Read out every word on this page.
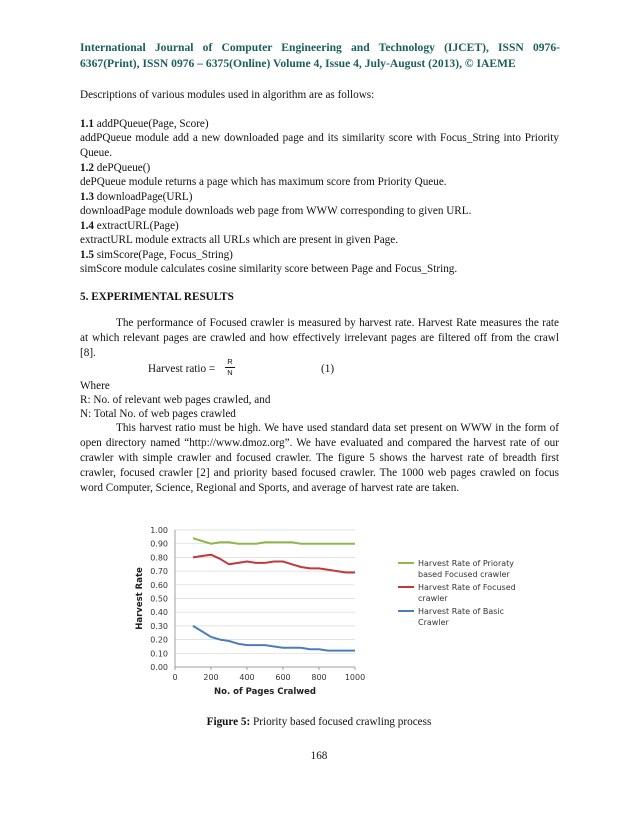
International Journal of Computer Engineering and Technology (IJCET), ISSN 0976-6367(Print), ISSN 0976 – 6375(Online) Volume 4, Issue 4, July-August (2013), © IAEME
Descriptions of various modules used in algorithm are as follows:
1.1 addPQueue(Page, Score)
addPQueue module add a new downloaded page and its similarity score with Focus_String into Priority Queue.
1.2 dePQueue()
dePQueue module returns a page which has maximum score from Priority Queue.
1.3 downloadPage(URL)
downloadPage module downloads web page from WWW corresponding to given URL.
1.4 extractURL(Page)
extractURL module extracts all URLs which are present in given Page.
1.5 simScore(Page, Focus_String)
simScore module calculates cosine similarity score between Page and Focus_String.
5. EXPERIMENTAL RESULTS
The performance of Focused crawler is measured by harvest rate. Harvest Rate measures the rate at which relevant pages are crawled and how effectively irrelevant pages are filtered off from the crawl [8].
Harvest ratio =
R
N	(1)
Where
R: No. of relevant web pages crawled, and
N: Total No. of web pages crawled
This harvest ratio must be high. We have used standard data set present on WWW in the form of open directory named “http://www.dmoz.org”. We have evaluated and compared the harvest rate of our crawler with simple crawler and focused crawler. The figure 5 shows the harvest rate of breadth first crawler, focused crawler [2] and priority based focused crawler. The 1000 web pages crawled on focus word Computer, Science, Regional and Sports, and average of harvest rate are taken.
0.00
0.10
0.20
0.30
0.40
0.50
0.60
0.70
0.80
0.90
1.00
0	200	400	600	800 1000
No. of Pages Cralwed
Harvest Rate
Harvest Rate of Prioraty
based Focused crawler
Harvest Rate of Focused
crawler
Harvest Rate of Basic
Crawler
Figure 5: Priority based focused crawling process
168
